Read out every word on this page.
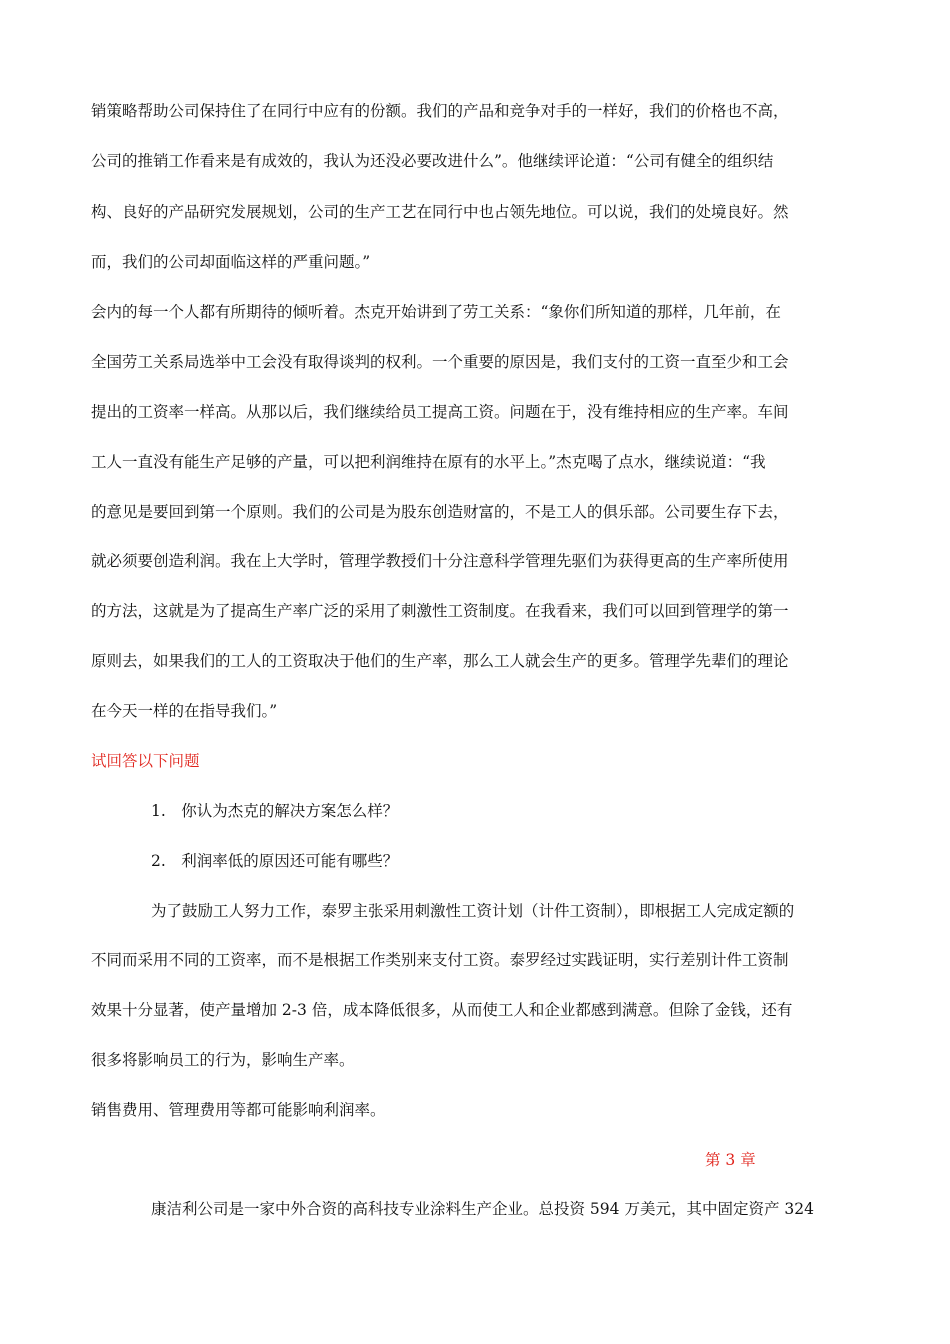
销策略帮助公司保持住了在同行中应有的份额。我们的产品和竞争对手的一样好，我们的价格也不高，
公司的推销工作看来是有成效的，我认为还没必要改进什么”。他继续评论道：“公司有健全的组织结
构、良好的产品研究发展规划，公司的生产工艺在同行中也占领先地位。可以说，我们的处境良好。然
而，我们的公司却面临这样的严重问题。”
会内的每一个人都有所期待的倾听着。杰克开始讲到了劳工关系：“象你们所知道的那样，几年前，在
全国劳工关系局选举中工会没有取得谈判的权利。一个重要的原因是，我们支付的工资一直至少和工会
提出的工资率一样高。从那以后，我们继续给员工提高工资。问题在于，没有维持相应的生产率。车间
工人一直没有能生产足够的产量，可以把利润维持在原有的水平上。”杰克喝了点水，继续说道：“我
的意见是要回到第一个原则。我们的公司是为股东创造财富的，不是工人的俱乐部。公司要生存下去，
就必须要创造利润。我在上大学时，管理学教授们十分注意科学管理先驱们为获得更高的生产率所使用
的方法，这就是为了提高生产率广泛的采用了刺激性工资制度。在我看来，我们可以回到管理学的第一
原则去，如果我们的工人的工资取决于他们的生产率，那么工人就会生产的更多。管理学先辈们的理论
在今天一样的在指导我们。”
试回答以下问题
1.　你认为杰克的解决方案怎么样？
2.　利润率低的原因还可能有哪些？
为了鼓励工人努力工作，泰罗主张采用刺激性工资计划（计件工资制），即根据工人完成定额的
不同而采用不同的工资率，而不是根据工作类别来支付工资。泰罗经过实践证明，实行差别计件工资制
效果十分显著，使产量增加 2-3 倍，成本降低很多，从而使工人和企业都感到满意。但除了金钱，还有
很多将影响员工的行为，影响生产率。
销售费用、管理费用等都可能影响利润率。
第 3 章
康洁利公司是一家中外合资的高科技专业涂料生产企业。总投资 594 万美元，其中固定资产 324
